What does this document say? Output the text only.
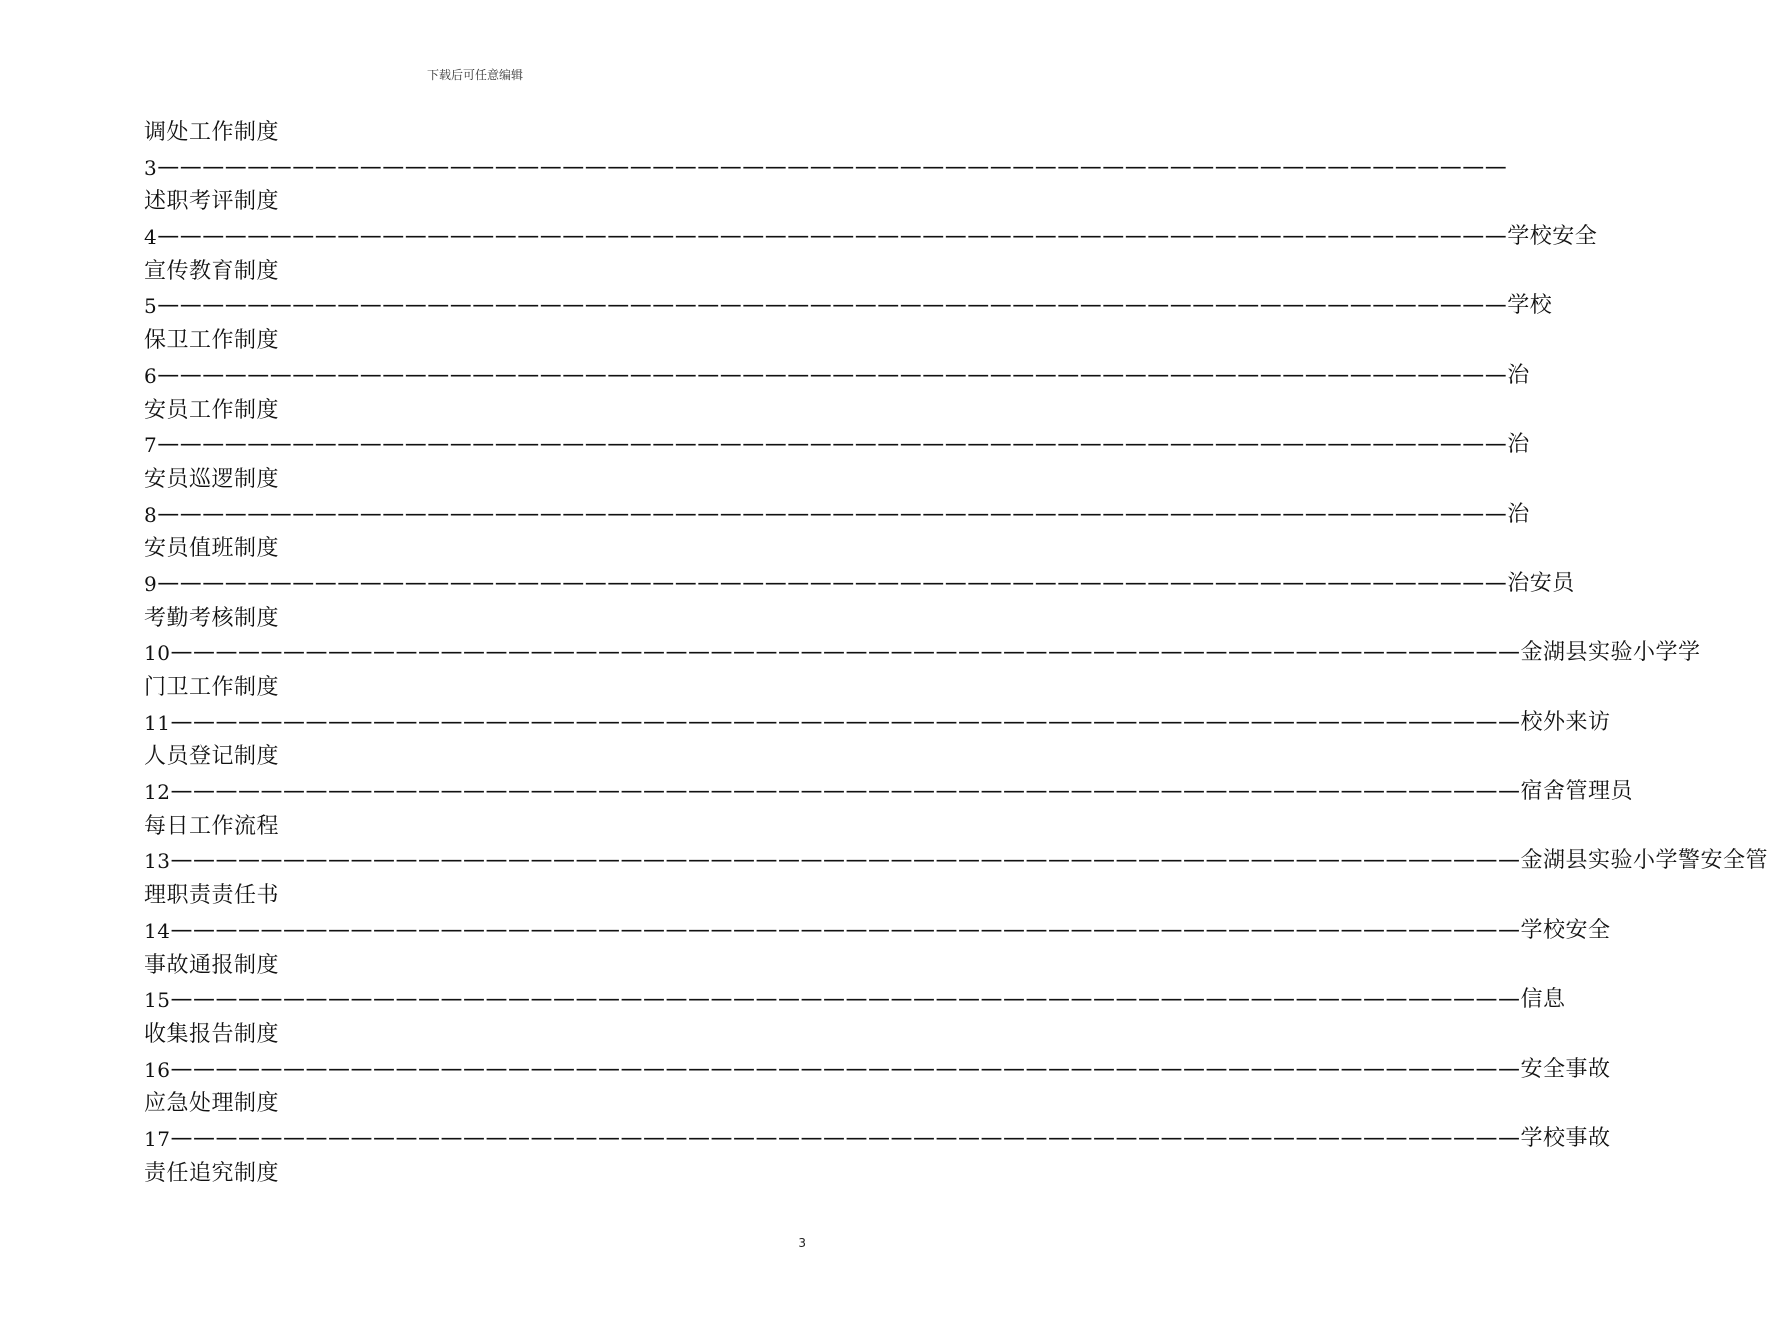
下载后可任意编辑
调处工作制度
3 ————————————————————————————————————————————————————————————
述职考评制度
4 ———————————————————————————————————————————————————————————— 学校安全
宣传教育制度
5 ———————————————————————————————————————————————————————————— 学校
保卫工作制度
6 ———————————————————————————————————————————————————————————— 治
安员工作制度
7 ———————————————————————————————————————————————————————————— 治
安员巡逻制度
8 ———————————————————————————————————————————————————————————— 治
安员值班制度
9 ———————————————————————————————————————————————————————————— 治安员
考勤考核制度
10 ———————————————————————————————————————————————————————————— 金湖县实验小学学
门卫工作制度
11 ———————————————————————————————————————————————————————————— 校外来访
人员登记制度
12 ———————————————————————————————————————————————————————————— 宿舍管理员
每日工作流程
13 ———————————————————————————————————————————————————————————— 金湖县实验小学警安全管
理职责责任书
14 ———————————————————————————————————————————————————————————— 学校安全
事故通报制度
15 ———————————————————————————————————————————————————————————— 信息
收集报告制度
16 ———————————————————————————————————————————————————————————— 安全事故
应急处理制度
17 ———————————————————————————————————————————————————————————— 学校事故
责任追究制度
3
